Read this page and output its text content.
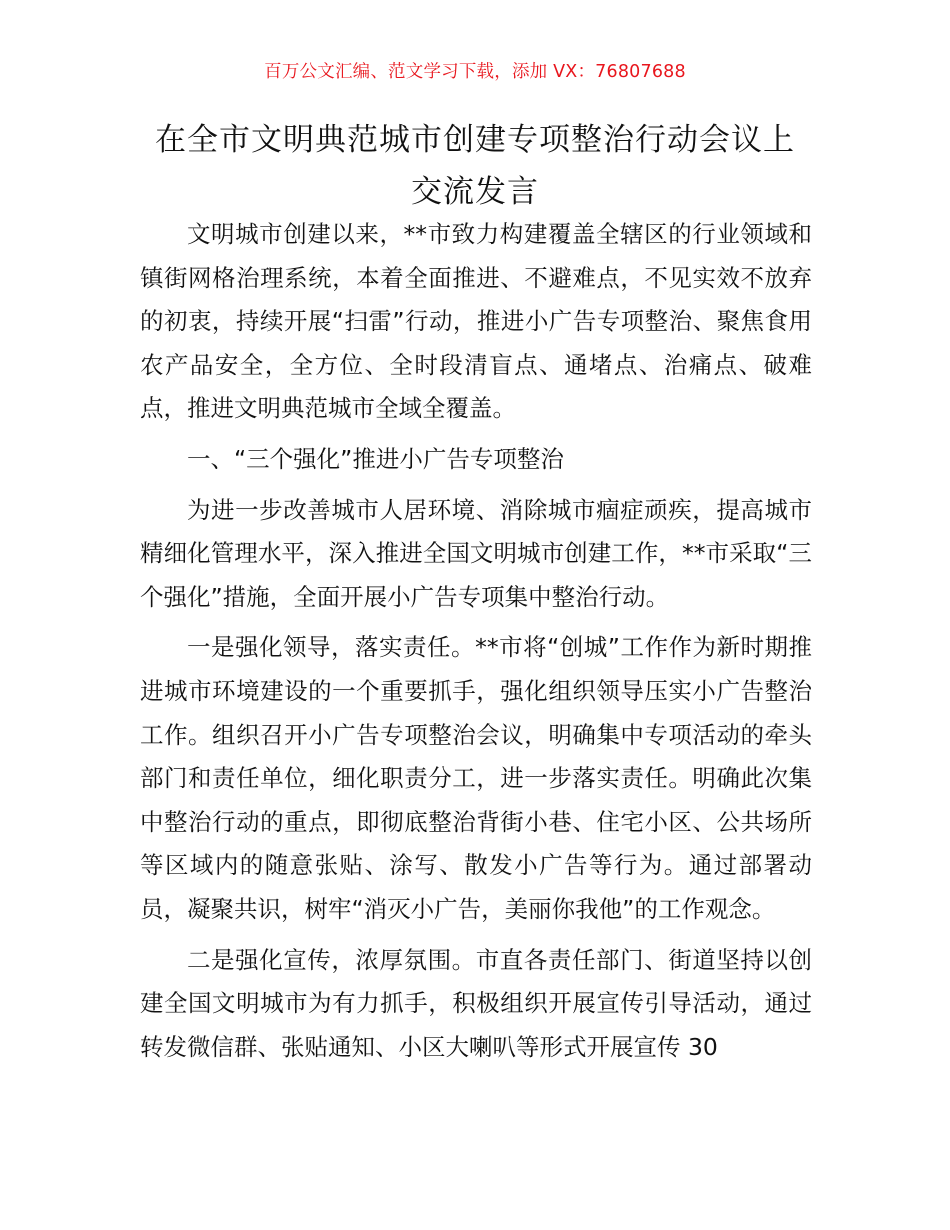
百万公文汇编、范文学习下载，添加 VX：76807688
在全市文明典范城市创建专项整治行动会议上
交流发言

文明城市创建以来，**市致力构建覆盖全辖区的行业领域和镇街网格治理系统，本着全面推进、不避难点，不见实效不放弃的初衷，持续开展“扫雷”行动，推进小广告专项整治、聚焦食用农产品安全，全方位、全时段清盲点、通堵点、治痛点、破难点，推进文明典范城市全域全覆盖。

一、“三个强化”推进小广告专项整治

为进一步改善城市人居环境、消除城市痼症顽疾，提高城市精细化管理水平，深入推进全国文明城市创建工作，**市采取“三个强化”措施，全面开展小广告专项集中整治行动。

一是强化领导，落实责任。**市将“创城”工作作为新时期推进城市环境建设的一个重要抓手，强化组织领导压实小广告整治工作。组织召开小广告专项整治会议，明确集中专项活动的牵头部门和责任单位，细化职责分工，进一步落实责任。明确此次集中整治行动的重点，即彻底整治背街小巷、住宅小区、公共场所等区域内的随意张贴、涂写、散发小广告等行为。通过部署动员，凝聚共识，树牢“消灭小广告，美丽你我他”的工作观念。

二是强化宣传，浓厚氛围。市直各责任部门、街道坚持以创建全国文明城市为有力抓手，积极组织开展宣传引导活动，通过转发微信群、张贴通知、小区大喇叭等形式开展宣传 30
